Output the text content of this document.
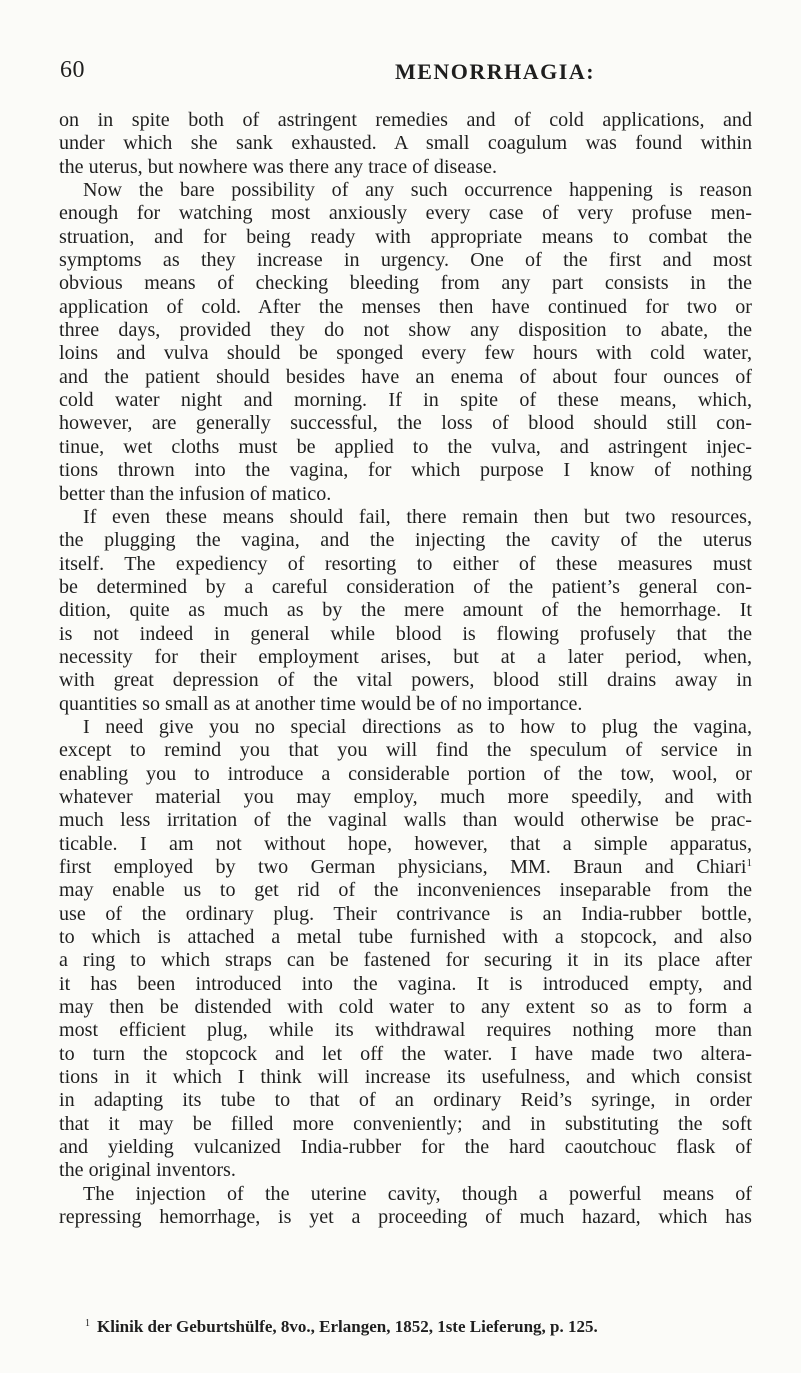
60	MENORRHAGIA:
on in spite both of astringent remedies and of cold applications, and
under which she sank exhausted. A small coagulum was found within
the uterus, but nowhere was there any trace of disease.
Now the bare possibility of any such occurrence happening is reason
enough for watching most anxiously every case of very profuse men-
struation, and for being ready with appropriate means to combat the
symptoms as they increase in urgency. One of the first and most
obvious means of checking bleeding from any part consists in the
application of cold. After the menses then have continued for two or
three days, provided they do not show any disposition to abate, the
loins and vulva should be sponged every few hours with cold water,
and the patient should besides have an enema of about four ounces of
cold water night and morning. If in spite of these means, which,
however, are generally successful, the loss of blood should still con-
tinue, wet cloths must be applied to the vulva, and astringent injec-
tions thrown into the vagina, for which purpose I know of nothing
better than the infusion of matico.
If even these means should fail, there remain then but two resources,
the plugging the vagina, and the injecting the cavity of the uterus
itself. The expediency of resorting to either of these measures must
be determined by a careful consideration of the patient’s general con-
dition, quite as much as by the mere amount of the hemorrhage. It
is not indeed in general while blood is flowing profusely that the
necessity for their employment arises, but at a later period, when,
with great depression of the vital powers, blood still drains away in
quantities so small as at another time would be of no importance.
I need give you no special directions as to how to plug the vagina,
except to remind you that you will find the speculum of service in
enabling you to introduce a considerable portion of the tow, wool, or
whatever material you may employ, much more speedily, and with
much less irritation of the vaginal walls than would otherwise be prac-
ticable. I am not without hope, however, that a simple apparatus,
first employed by two German physicians, MM. Braun and Chiari$^1$
may enable us to get rid of the inconveniences inseparable from the
use of the ordinary plug. Their contrivance is an India-rubber bottle,
to which is attached a metal tube furnished with a stopcock, and also
a ring to which straps can be fastened for securing it in its place after
it has been introduced into the vagina. It is introduced empty, and
may then be distended with cold water to any extent so as to form a
most efficient plug, while its withdrawal requires nothing more than
to turn the stopcock and let off the water. I have made two altera-
tions in it which I think will increase its usefulness, and which consist
in adapting its tube to that of an ordinary Reid’s syringe, in order
that it may be filled more conveniently; and in substituting the soft
and yielding vulcanized India-rubber for the hard caoutchouc flask of
the original inventors.
The injection of the uterine cavity, though a powerful means of
repressing hemorrhage, is yet a proceeding of much hazard, which has
$^1$ Klinik der Geburtshülfe, 8vo., Erlangen, 1852, 1ste Lieferung, p. 125.
